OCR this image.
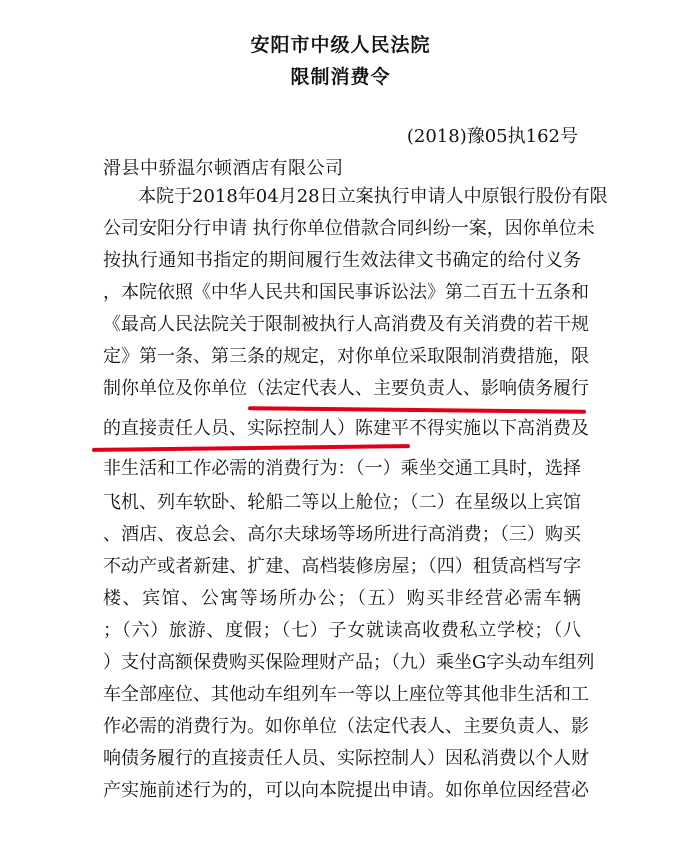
安阳市中级人民法院
限制消费令
(2018)豫05执162号
滑县中骄温尔顿酒店有限公司
本院于2018年04月28日立案执行申请人中原银行股份有限
公司安阳分行申请 执行你单位借款合同纠纷一案，因你单位未
按执行通知书指定的期间履行生效法律文书确定的给付义务
，本院依照《中华人民共和国民事诉讼法》第二百五十五条和
《最高人民法院关于限制被执行人高消费及有关消费的若干规
定》第一条、第三条的规定，对你单位采取限制消费措施，限
制你单位及你单位（法定代表人、主要负责人、影响债务履行
的直接责任人员、实际控制人）陈建平不得实施以下高消费及
非生活和工作必需的消费行为：（一）乘坐交通工具时，选择
飞机、列车软卧、轮船二等以上舱位；（二）在星级以上宾馆
、酒店、夜总会、高尔夫球场等场所进行高消费；（三）购买
不动产或者新建、扩建、高档装修房屋；（四）租赁高档写字
楼、宾馆、公寓等场所办公；（五）购买非经营必需车辆
；（六）旅游、度假；（七）子女就读高收费私立学校；（八
）支付高额保费购买保险理财产品；（九）乘坐G字头动车组列
车全部座位、其他动车组列车一等以上座位等其他非生活和工
作必需的消费行为。如你单位（法定代表人、主要负责人、影
响债务履行的直接责任人员、实际控制人）因私消费以个人财
产实施前述行为的，可以向本院提出申请。如你单位因经营必
